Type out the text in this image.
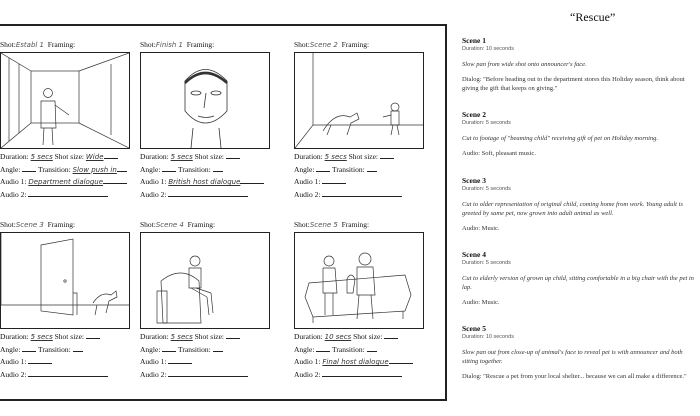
Shot:Establ 1 Framing:
Duration: 5 secs Shot size: Wide
Angle: Transition: Slow push in
Audio 1: Department dialogue
Audio 2:
Shot:Finish 1 Framing:
Duration: 5 secs Shot size:
Angle: Transition:
Audio 1: British host dialogue
Audio 2:
Shot:Scene 2 Framing:
Duration: 5 secs Shot size:
Angle: Transition:
Audio 1:
Audio 2:
Shot:Scene 3 Framing:
Duration: 5 secs Shot size:
Angle: Transition:
Audio 1:
Audio 2:
Shot:Scene 4 Framing:
Duration: 5 secs Shot size:
Angle: Transition:
Audio 1:
Audio 2:
Shot:Scene 5 Framing:
Duration: 10 secs Shot size:
Angle: Transition:
Audio 1: Final host dialogue
Audio 2:
“Rescue”
Scene 1
Duration: 10 seconds
Slow pan from wide shot onto announcer's face.
Dialog: "Before heading out to the department stores this Holiday season, think about giving the gift that keeps on giving."
Scene 2
Duration: 5 seconds
Cut to footage of "beaming child" receiving gift of pet on Holiday morning.
Audio: Soft, pleasant music.
Scene 3
Duration: 5 seconds
Cut to older representation of original child, coming home from work. Young adult is greeted by same pet, now grown into adult animal as well.
Audio: Music.
Scene 4
Duration: 5 seconds
Cut to elderly version of grown up child, sitting comfortable in a big chair with the pet in lap.
Audio: Music.
Scene 5
Duration: 10 seconds
Slow pan out from close-up of animal's face to reveal pet is with announcer and both sitting together.
Dialog: "Rescue a pet from your local shelter... because we can all make a difference."
